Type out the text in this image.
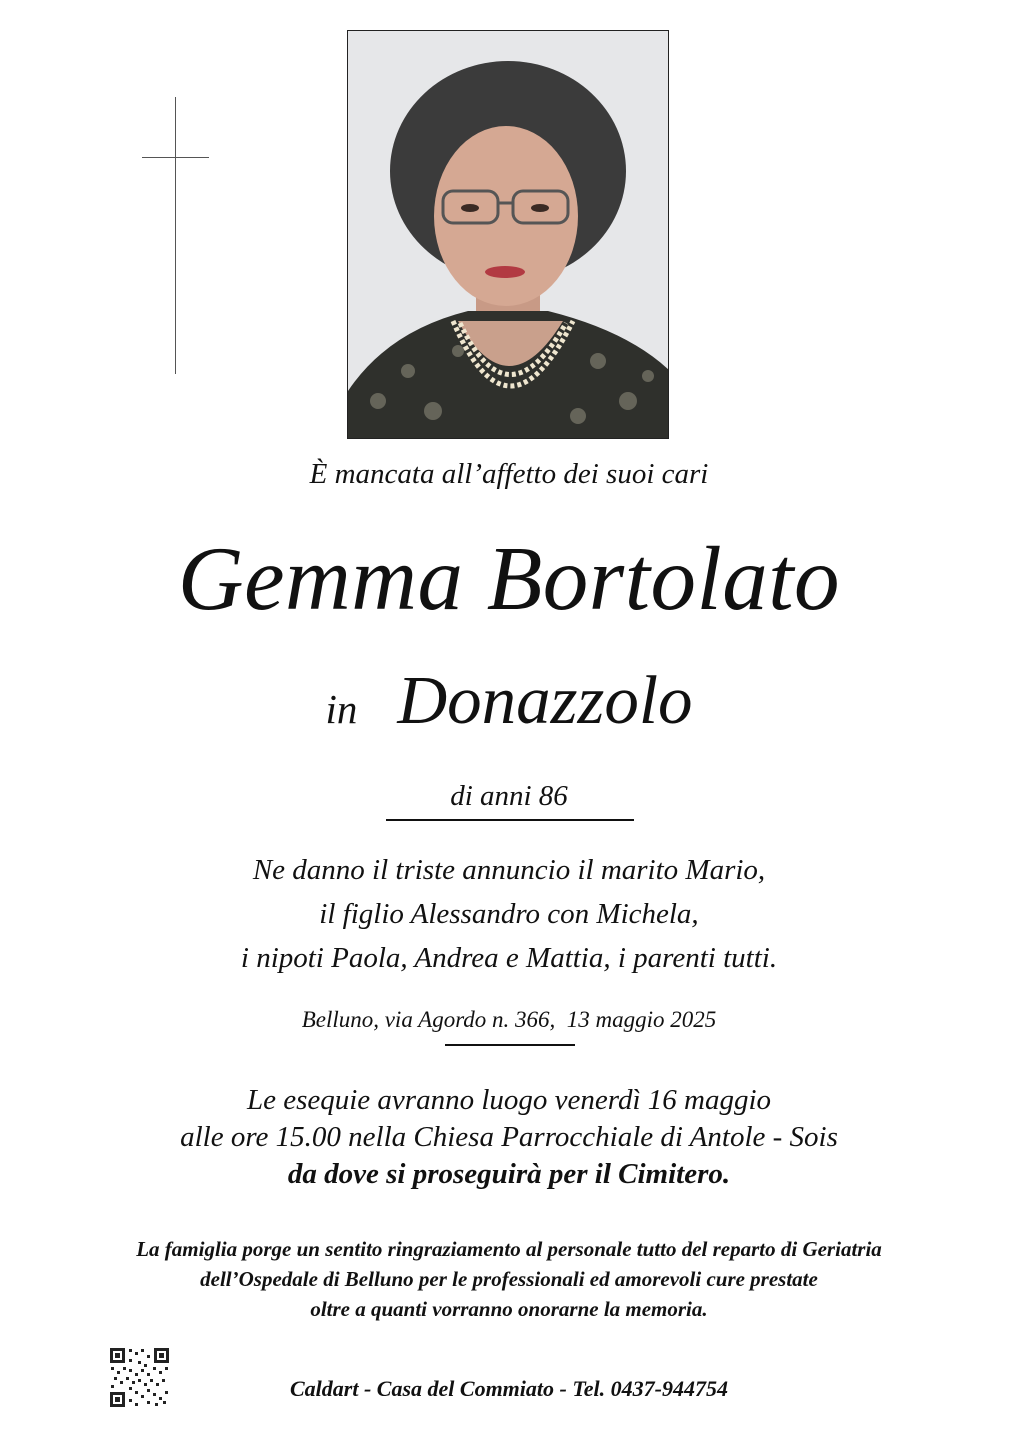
È mancata all’affetto dei suoi cari
Gemma Bortolato
in Donazzolo
di anni 86
Ne danno il triste annuncio il marito Mario,
il figlio Alessandro con Michela,
i nipoti Paola, Andrea e Mattia, i parenti tutti.
Belluno, via Agordo n. 366,  13 maggio 2025
Le esequie avranno luogo venerdì 16 maggio
alle ore 15.00 nella Chiesa Parrocchiale di Antole - Sois
da dove si proseguirà per il Cimitero.
La famiglia porge un sentito ringraziamento al personale tutto del reparto di Geriatria
dell’Ospedale di Belluno per le professionali ed amorevoli cure prestate
oltre a quanti vorranno onorarne la memoria.
Caldart - Casa del Commiato - Tel. 0437-944754
